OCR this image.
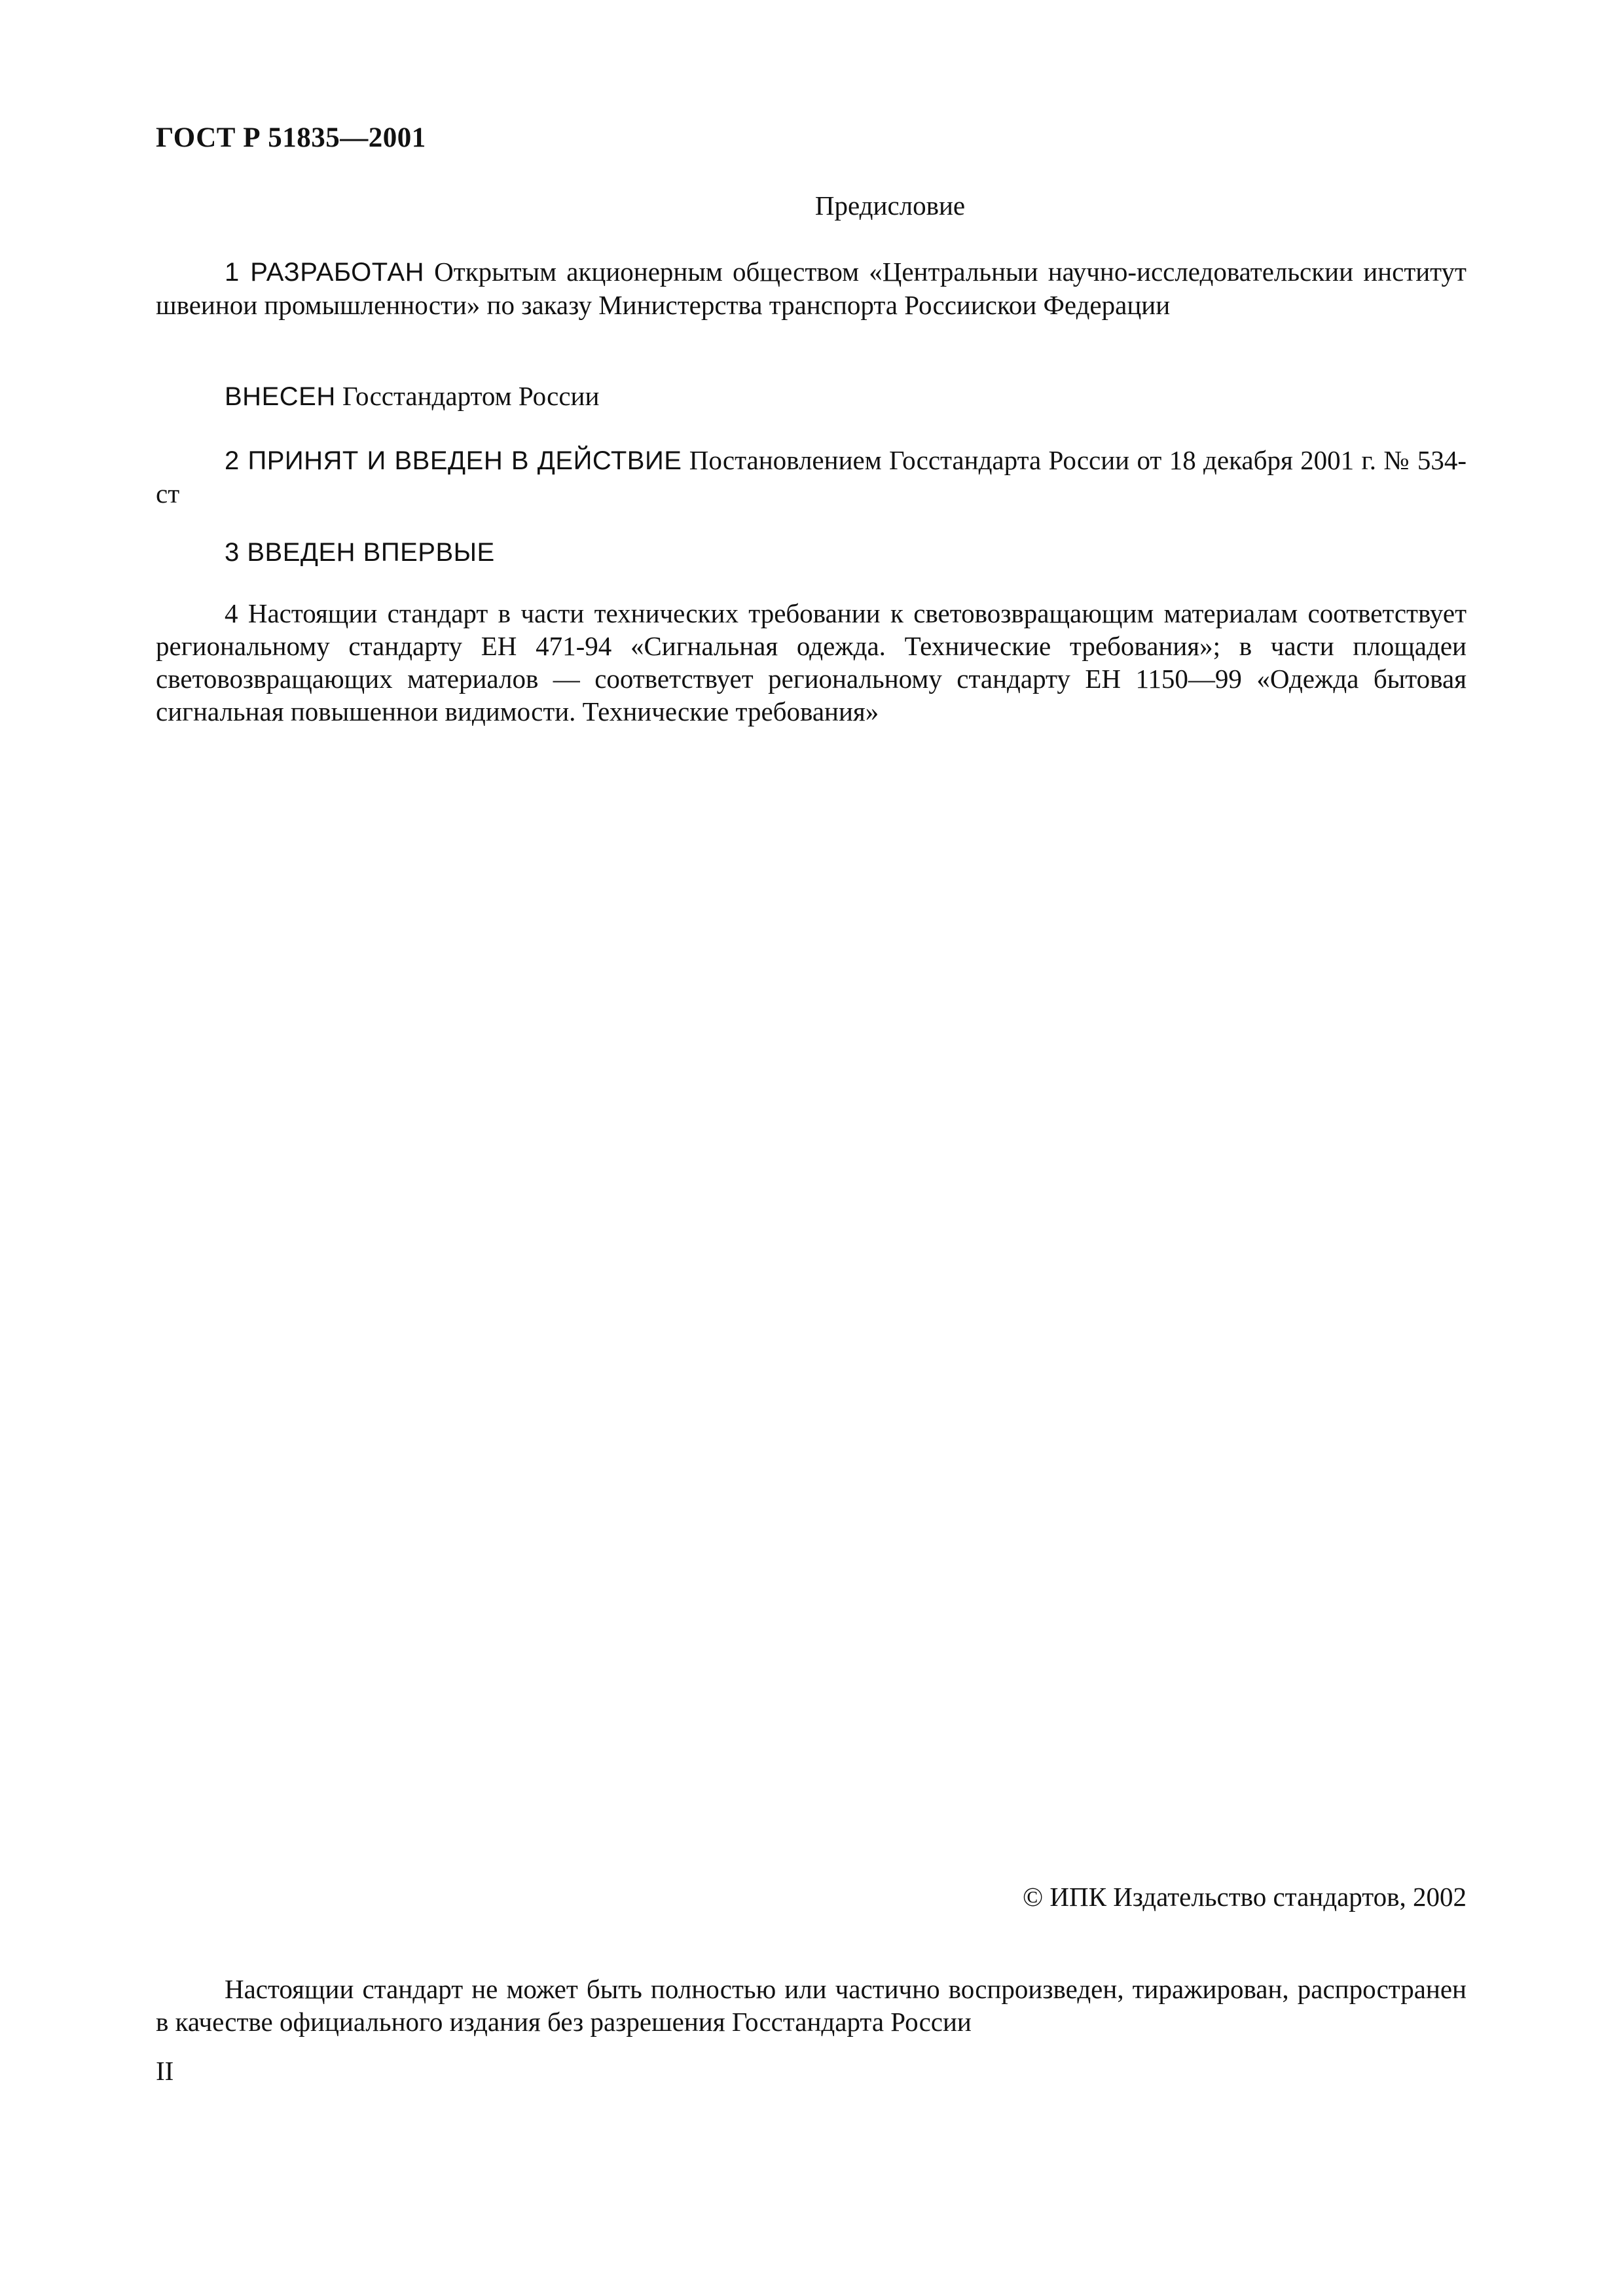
ГОСТ Р 51835—2001
Предисловие

1 РАЗРАБОТАН Открытым акционерным обществом «Центральныи научно-исследовательскии институт швеинои промышленности» по заказу Министерства транспорта Россиискои Федерации

ВНЕСЕН Госстандартом России

2 ПРИНЯТ И ВВЕДЕН В ДЕЙСТВИЕ Постановлением Госстандарта России от 18 декабря 2001 г. № 534-ст

3 ВВЕДЕН ВПЕРВЫЕ

4 Настоящии стандарт в части технических требовании к световозвращающим материалам соответствует региональному стандарту ЕН 471-94 «Сигнальная одежда. Технические требования»; в части площадеи световозвращающих материалов — соответствует региональному стандарту ЕН 1150—99 «Одежда бытовая сигнальная повышеннои видимости. Технические требования»

© ИПК Издательство стандартов, 2002

Настоящии стандарт не может быть полностью или частично воспроизведен, тиражирован, распространен в качестве официального издания без разрешения Госстандарта России

II
